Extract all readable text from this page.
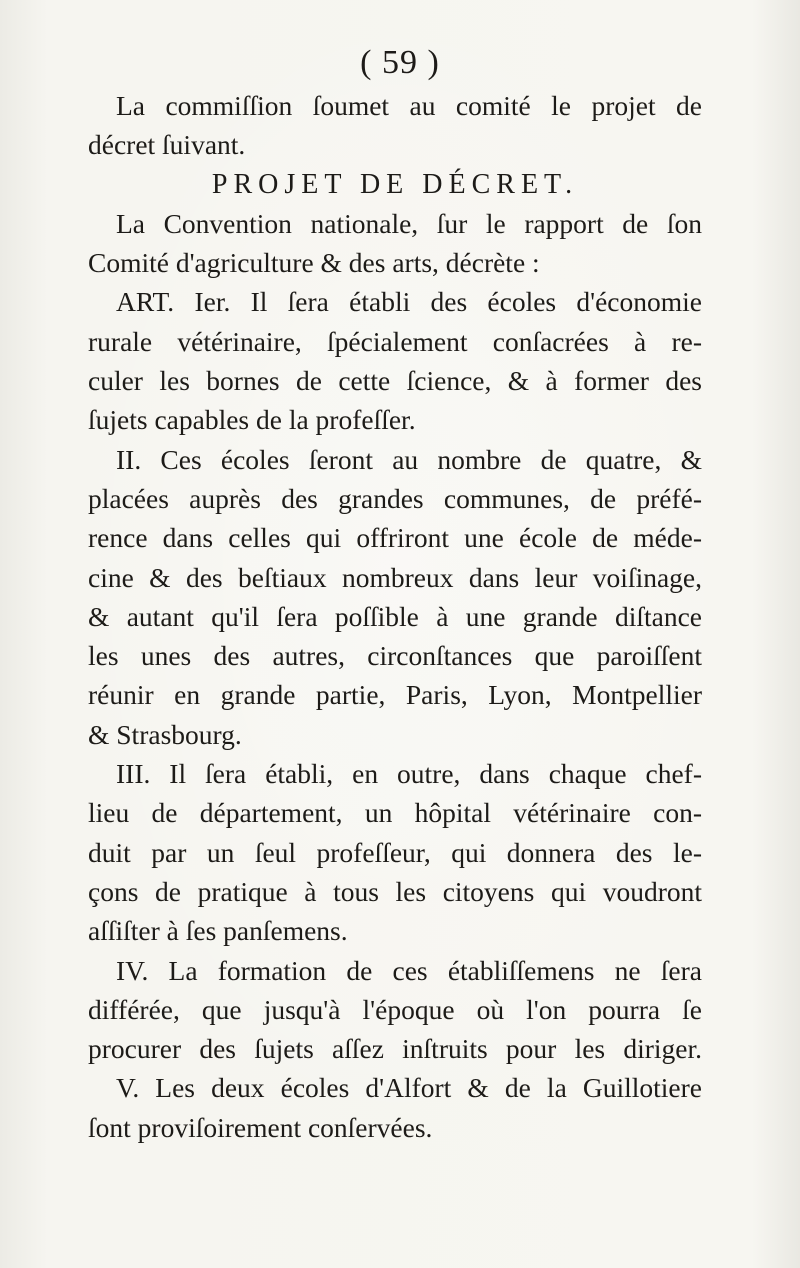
( 59 )
La commiſſion ſoumet au comité le projet de
décret ſuivant.
PROJET DE DÉCRET.
La Convention nationale, ſur le rapport de ſon
Comité d'agriculture & des arts, décrète :
ART. Ier. Il ſera établi des écoles d'économie
rurale vétérinaire, ſpécialement conſacrées à re-
culer les bornes de cette ſcience, & à former des
ſujets capables de la profeſſer.
II. Ces écoles ſeront au nombre de quatre, &
placées auprès des grandes communes, de préfé-
rence dans celles qui offriront une école de méde-
cine & des beſtiaux nombreux dans leur voiſinage,
& autant qu'il ſera poſſible à une grande diſtance
les unes des autres, circonſtances que paroiſſent
réunir en grande partie, Paris, Lyon, Montpellier
& Strasbourg.
III. Il ſera établi, en outre, dans chaque chef-
lieu de département, un hôpital vétérinaire con-
duit par un ſeul profeſſeur, qui donnera des le-
çons de pratique à tous les citoyens qui voudront
aſſiſter à ſes panſemens.
IV. La formation de ces établiſſemens ne ſera
différée, que jusqu'à l'époque où l'on pourra ſe
procurer des ſujets aſſez inſtruits pour les diriger.
V. Les deux écoles d'Alfort & de la Guillotiere
ſont proviſoirement conſervées.
